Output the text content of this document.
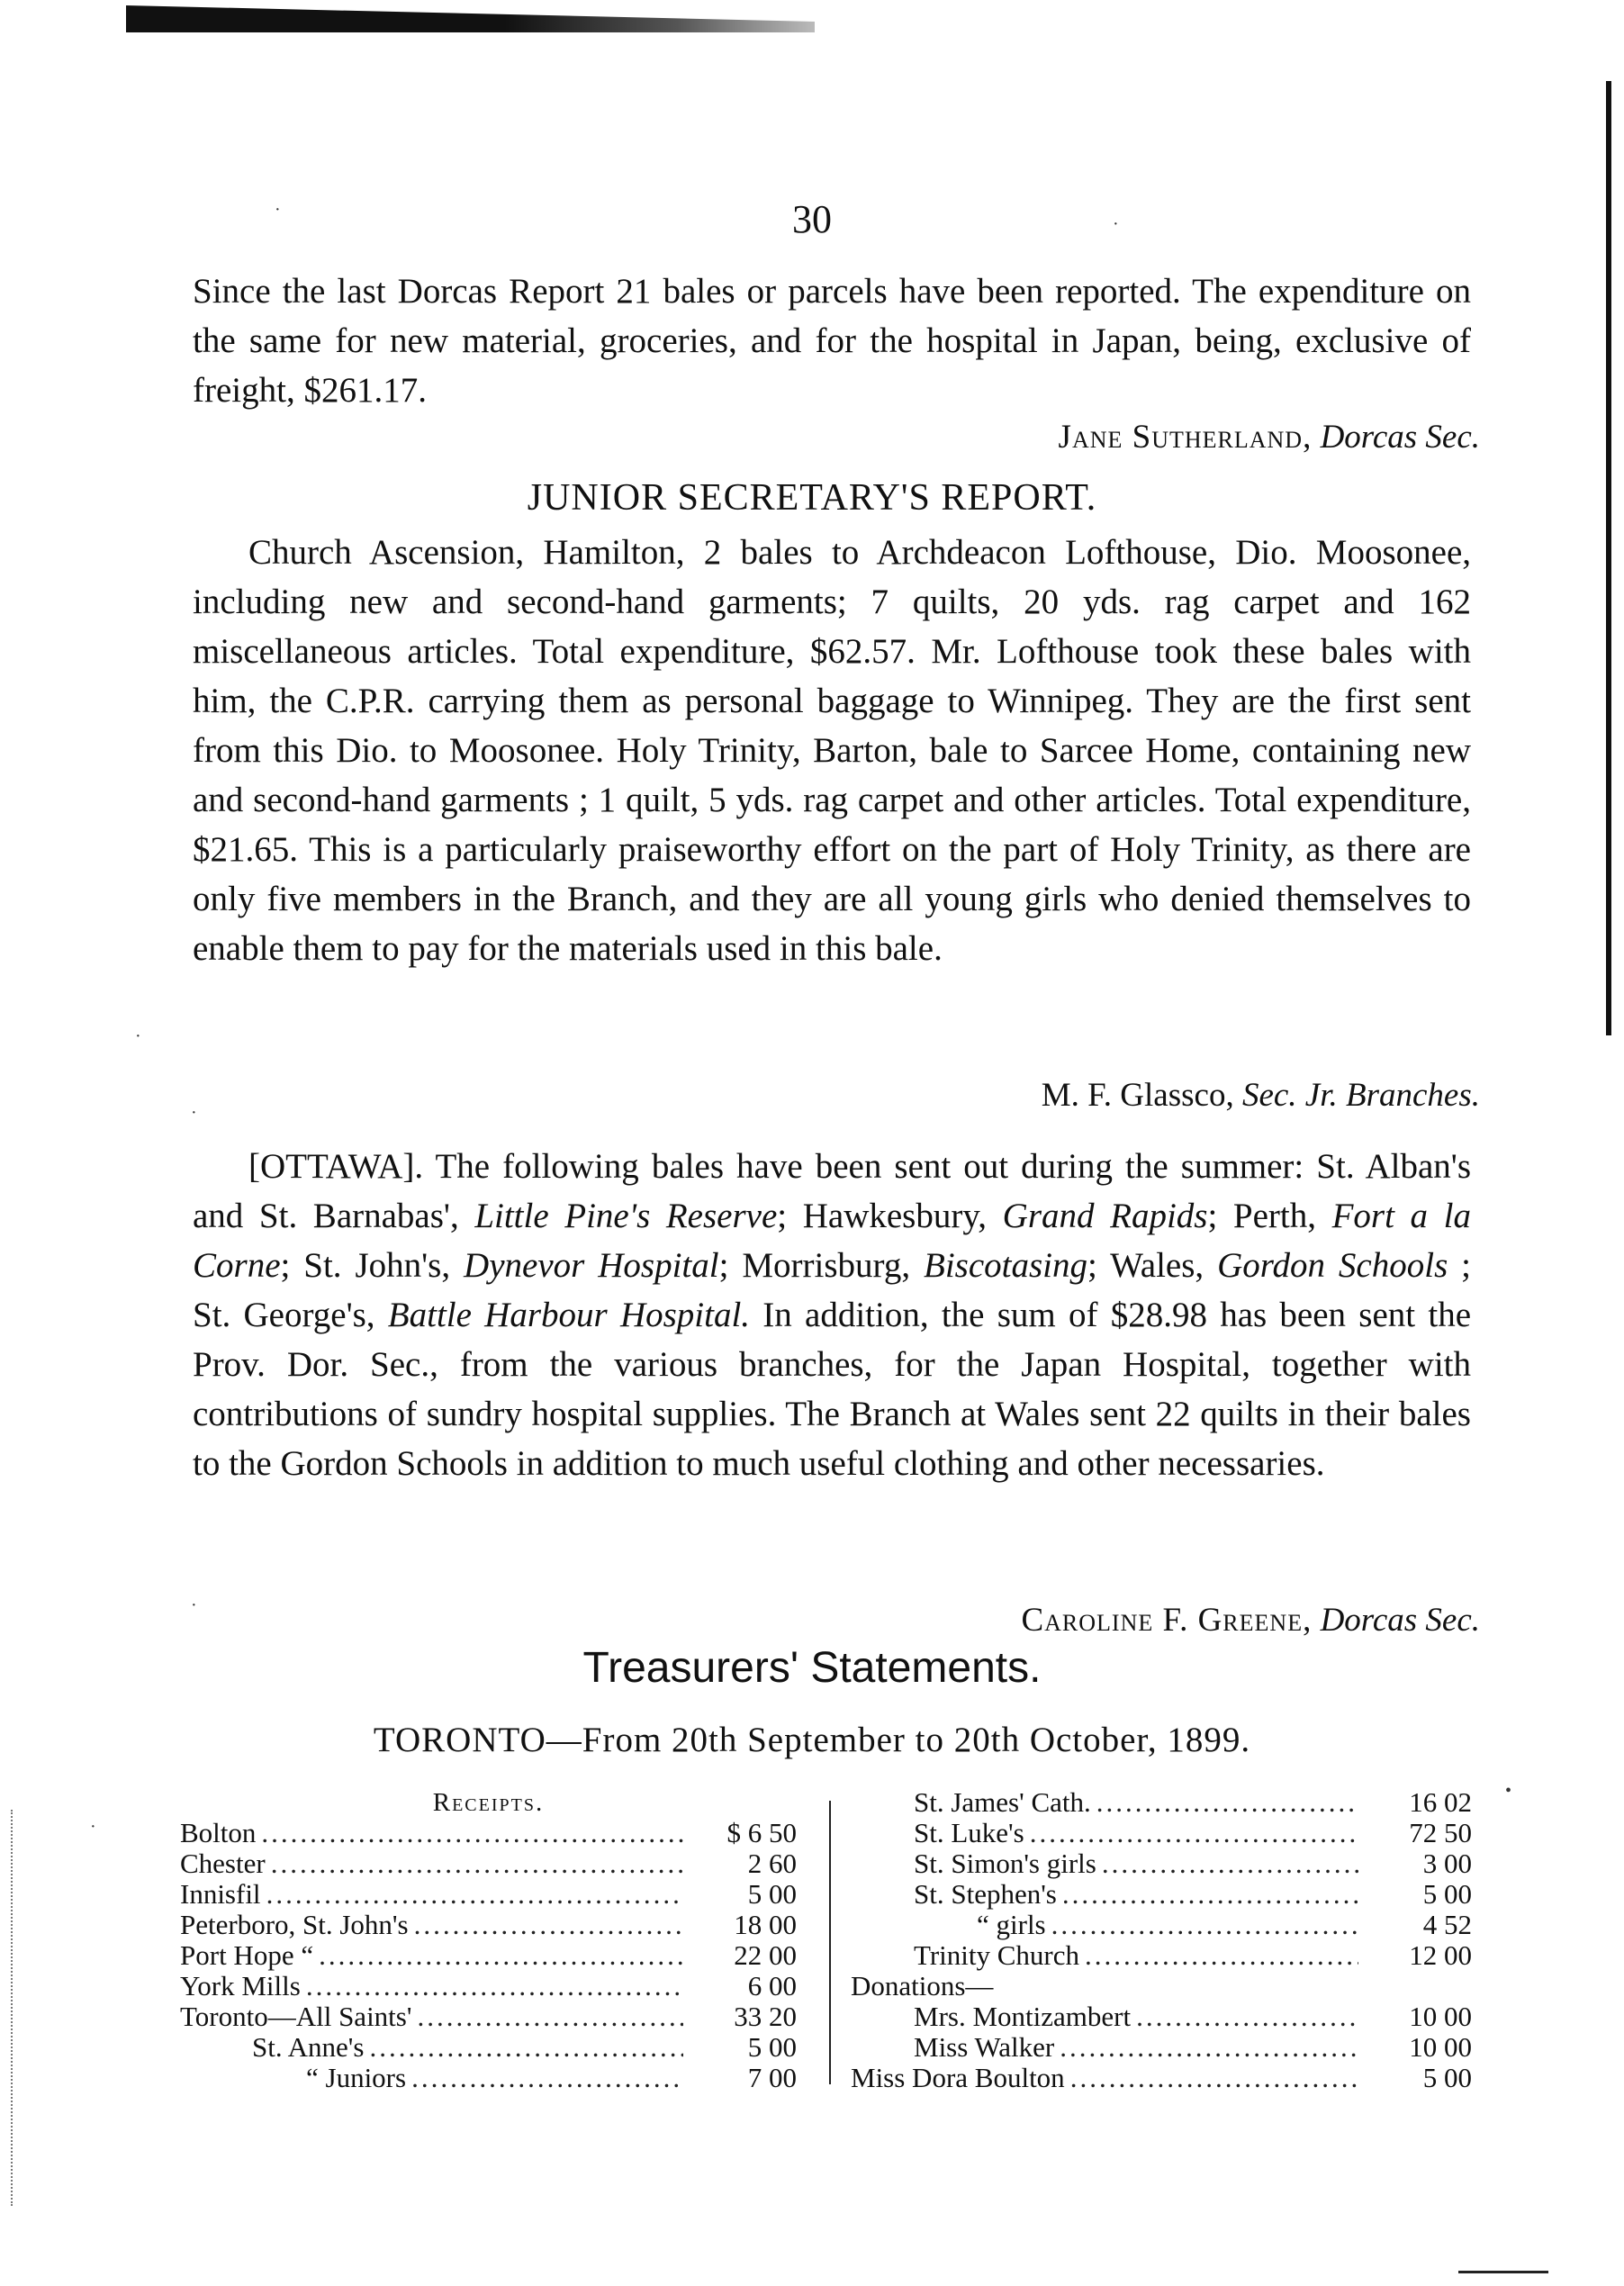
·
·
·
·
·
•
·
30
Since the last Dorcas Report 21 bales or parcels have been reported. The expenditure on the same for new material, groceries, and for the hospital in Japan, being, exclusive of freight, $261.17.
Jane Sutherland, Dorcas Sec.
JUNIOR SECRETARY'S REPORT.
Church Ascension, Hamilton, 2 bales to Archdeacon Lofthouse, Dio. Moosonee, including new and second-hand garments; 7 quilts, 20 yds. rag carpet and 162 miscellaneous articles. Total expenditure, $62.57. Mr. Lofthouse took these bales with him, the C.P.R. carrying them as personal baggage to Winnipeg. They are the first sent from this Dio. to Moosonee. Holy Trinity, Barton, bale to Sarcee Home, containing new and second-hand garments ; 1 quilt, 5 yds. rag carpet and other articles. Total expenditure, $21.65. This is a particularly praiseworthy effort on the part of Holy Trinity, as there are only five members in the Branch, and they are all young girls who denied themselves to enable them to pay for the materials used in this bale.
M. F. Glassco, Sec. Jr. Branches.
[OTTAWA]. The following bales have been sent out during the summer: St. Alban's and St. Barnabas', Little Pine's Reserve; Hawkesbury, Grand Rapids; Perth, Fort a la Corne; St. John's, Dynevor Hospital; Morrisburg, Biscotasing; Wales, Gordon Schools ; St. George's, Battle Harbour Hospital. In addition, the sum of $28.98 has been sent the Prov. Dor. Sec., from the various branches, for the Japan Hospital, together with contributions of sundry hospital supplies. The Branch at Wales sent 22 quilts in their bales to the Gordon Schools in addition to much useful clothing and other necessaries.
Caroline F. Greene, Dorcas Sec.
Treasurers' Statements.
TORONTO—From 20th September to 20th October, 1899.
Receipts.
Bolton .....	$ 6 50
Chester .....	2 60
Innisfil .....	5 00
Peterboro, St. John's .....	18 00
Port Hope “ .....	22 00
York Mills .....	6 00
Toronto—All Saints' .....	33 20
St. Anne's .....	5 00
“ Juniors .....	7 00
St. James' Cath. .....	16 02
St. Luke's .....	72 50
St. Simon's girls .....	3 00
St. Stephen's .....	5 00
“ girls .....	4 52
Trinity Church .....	12 00
Donations—
Mrs. Montizambert .....	10 00
Miss Walker .....	10 00
Miss Dora Boulton .....	5 00
